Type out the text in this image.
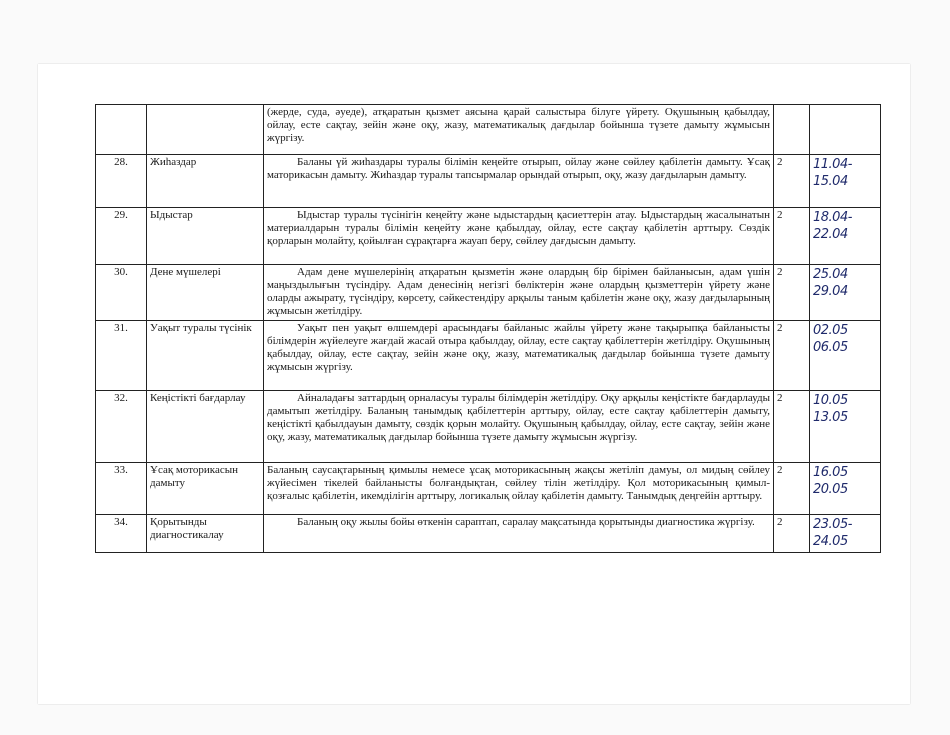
		(жерде, суда, әуеде), атқаратын қызмет аясына қарай салыстыра білуге үйрету. Оқушының қабылдау, ойлау, есте сақтау, зейін және оқу, жазу, математикалық дағдылар бойынша түзете дамыту жұмысын жүргізу.		

28.	Жиһаздар	Баланы үй жиһаздары туралы білімін кеңейте отырып, ойлау және сөйлеу қабілетін дамыту. Ұсақ маторикасын дамыту. Жиһаздар туралы тапсырмалар орындай отырып, оқу, жазу дағдыларын дамыту.	2	11.04-
15.04

29.	Ыдыстар	Ыдыстар туралы түсінігін кеңейту және ыдыстардың қасиеттерін атау. Ыдыстардың жасалынатын материалдарын туралы білімін кеңейту және қабылдау, ойлау, есте сақтау қабілетін арттыру. Сөздік қорларын молайту, қойылған сұрақтарға жауап беру, сөйлеу дағдысын дамыту.	2	18.04-
22.04

30.	Дене мүшелері	Адам дене мүшелерінің атқаратын қызметін және олардың бір бірімен байланысын, адам үшін маңыздылығын түсіндіру. Адам денесінің негізгі бөліктерін және олардың қызметтерін үйрету және оларды ажырату, түсіндіру, көрсету, сәйкестендіру арқылы таным қабілетін және оқу, жазу дағдыларының жұмысын жетілдіру.	2	25.04
29.04

31.	Уақыт туралы түсінік	Уақыт пен уақыт өлшемдері арасындағы байланыс жайлы үйрету және тақырыпқа байланысты білімдерін жүйелеуге жағдай жасай отыра қабылдау, ойлау, есте сақтау қабілеттерін жетілдіру. Оқушының қабылдау, ойлау, есте сақтау, зейін және оқу, жазу, математикалық дағдылар бойынша түзете дамыту жұмысын жүргізу.	2	02.05
06.05

32.	Кеңістікті бағдарлау	Айналадағы заттардың орналасуы туралы білімдерін жетілдіру. Оқу арқылы кеңістікте бағдарлауды дамытып жетілдіру. Баланың танымдық қабілеттерін арттыру, ойлау, есте сақтау қабілеттерін дамыту, кеңістікті қабылдауын дамыту, сөздік қорын молайту. Оқушының қабылдау, ойлау, есте сақтау, зейін және оқу, жазу, математикалық дағдылар бойынша түзете дамыту жұмысын жүргізу.	2	10.05
13.05

33.	Ұсақ моторикасын дамыту	Баланың саусақтарының қимылы немесе ұсақ моторикасының жақсы жетіліп дамуы, ол мидың сөйлеу жүйесімен тікелей байланысты болғандықтан, сөйлеу тілін жетілдіру. Қол моторикасының қимыл-қозғалыс қабілетін, икемділігін арттыру, логикалық ойлау қабілетін дамыту. Танымдық деңгейін арттыру.	2	16.05
20.05

34.	Қорытынды диагностикалау	Баланың оқу жылы бойы өткенін сараптап, саралау мақсатында қорытынды диагностика жүргізу.	2	23.05-
24.05
